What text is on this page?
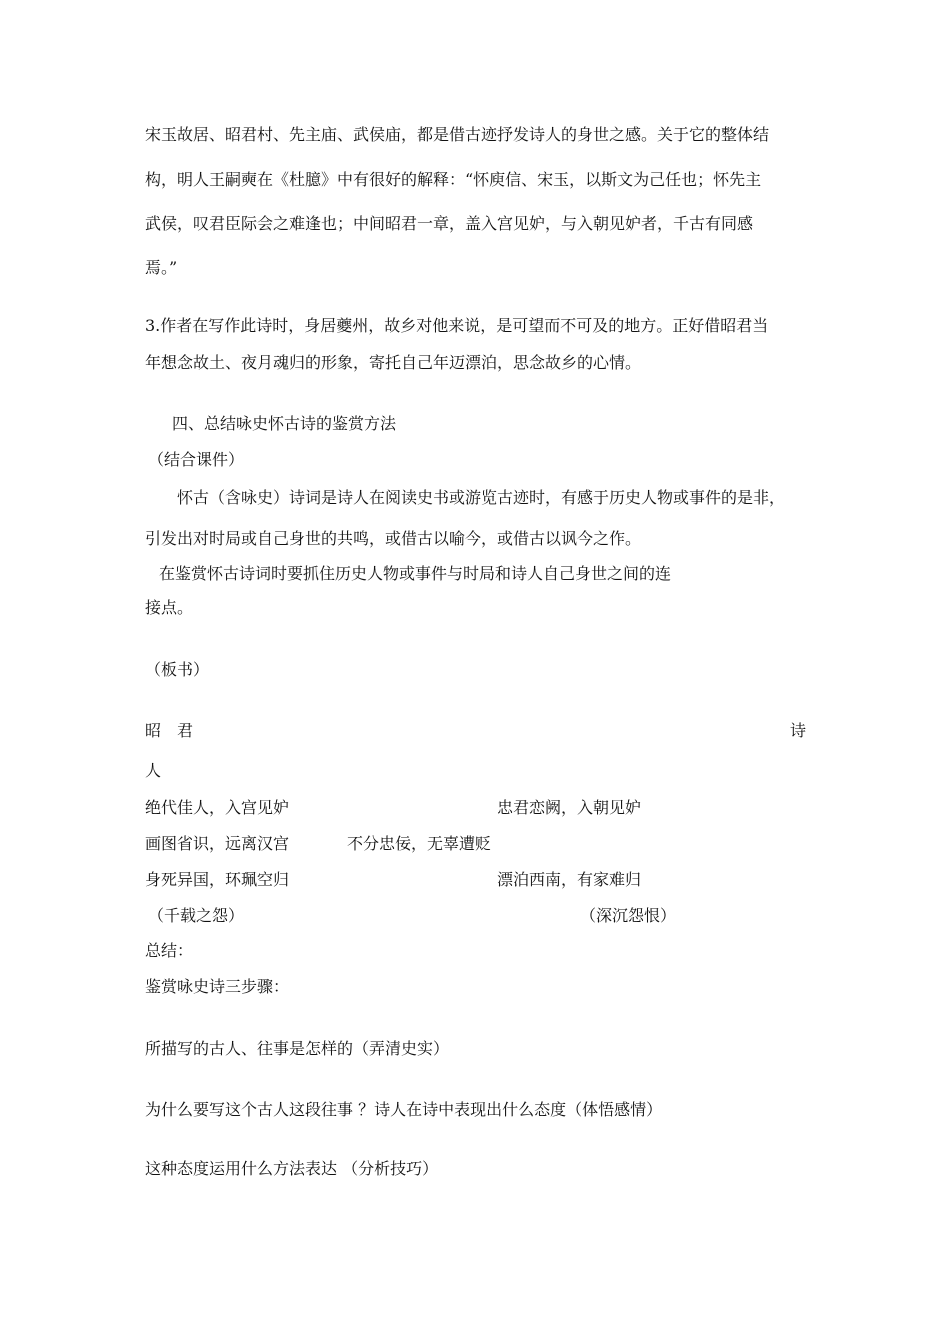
宋玉故居、昭君村、先主庙、武侯庙，都是借古迹抒发诗人的身世之感。关于它的整体结
构，明人王嗣奭在《杜臆》中有很好的解释：“怀庾信、宋玉，以斯文为己任也；怀先主
武侯，叹君臣际会之难逢也；中间昭君一章，盖入宫见妒，与入朝见妒者，千古有同感
焉。”
3.作者在写作此诗时，身居夔州，故乡对他来说，是可望而不可及的地方。正好借昭君当
年想念故土、夜月魂归的形象，寄托自己年迈漂泊，思念故乡的心情。
四、总结咏史怀古诗的鉴赏方法
（结合课件）
怀古（含咏史）诗词是诗人在阅读史书或游览古迹时，有感于历史人物或事件的是非，
引发出对时局或自己身世的共鸣，或借古以喻今，或借古以讽今之作。
在鉴赏怀古诗词时要抓住历史人物或事件与时局和诗人自己身世之间的连
接点。
（板书）
昭　君	诗
人
绝代佳人，入宫见妒	忠君恋阙，入朝见妒
画图省识，远离汉宫	不分忠佞，无辜遭贬
身死异国，环珮空归	漂泊西南，有家难归
（千载之怨）	（深沉怨恨）
总结：
鉴赏咏史诗三步骤：
所描写的古人、往事是怎样的（弄清史实）
为什么要写这个古人这段往事 ？诗人在诗中表现出什么态度（体悟感情）
这种态度运用什么方法表达 （分析技巧）
